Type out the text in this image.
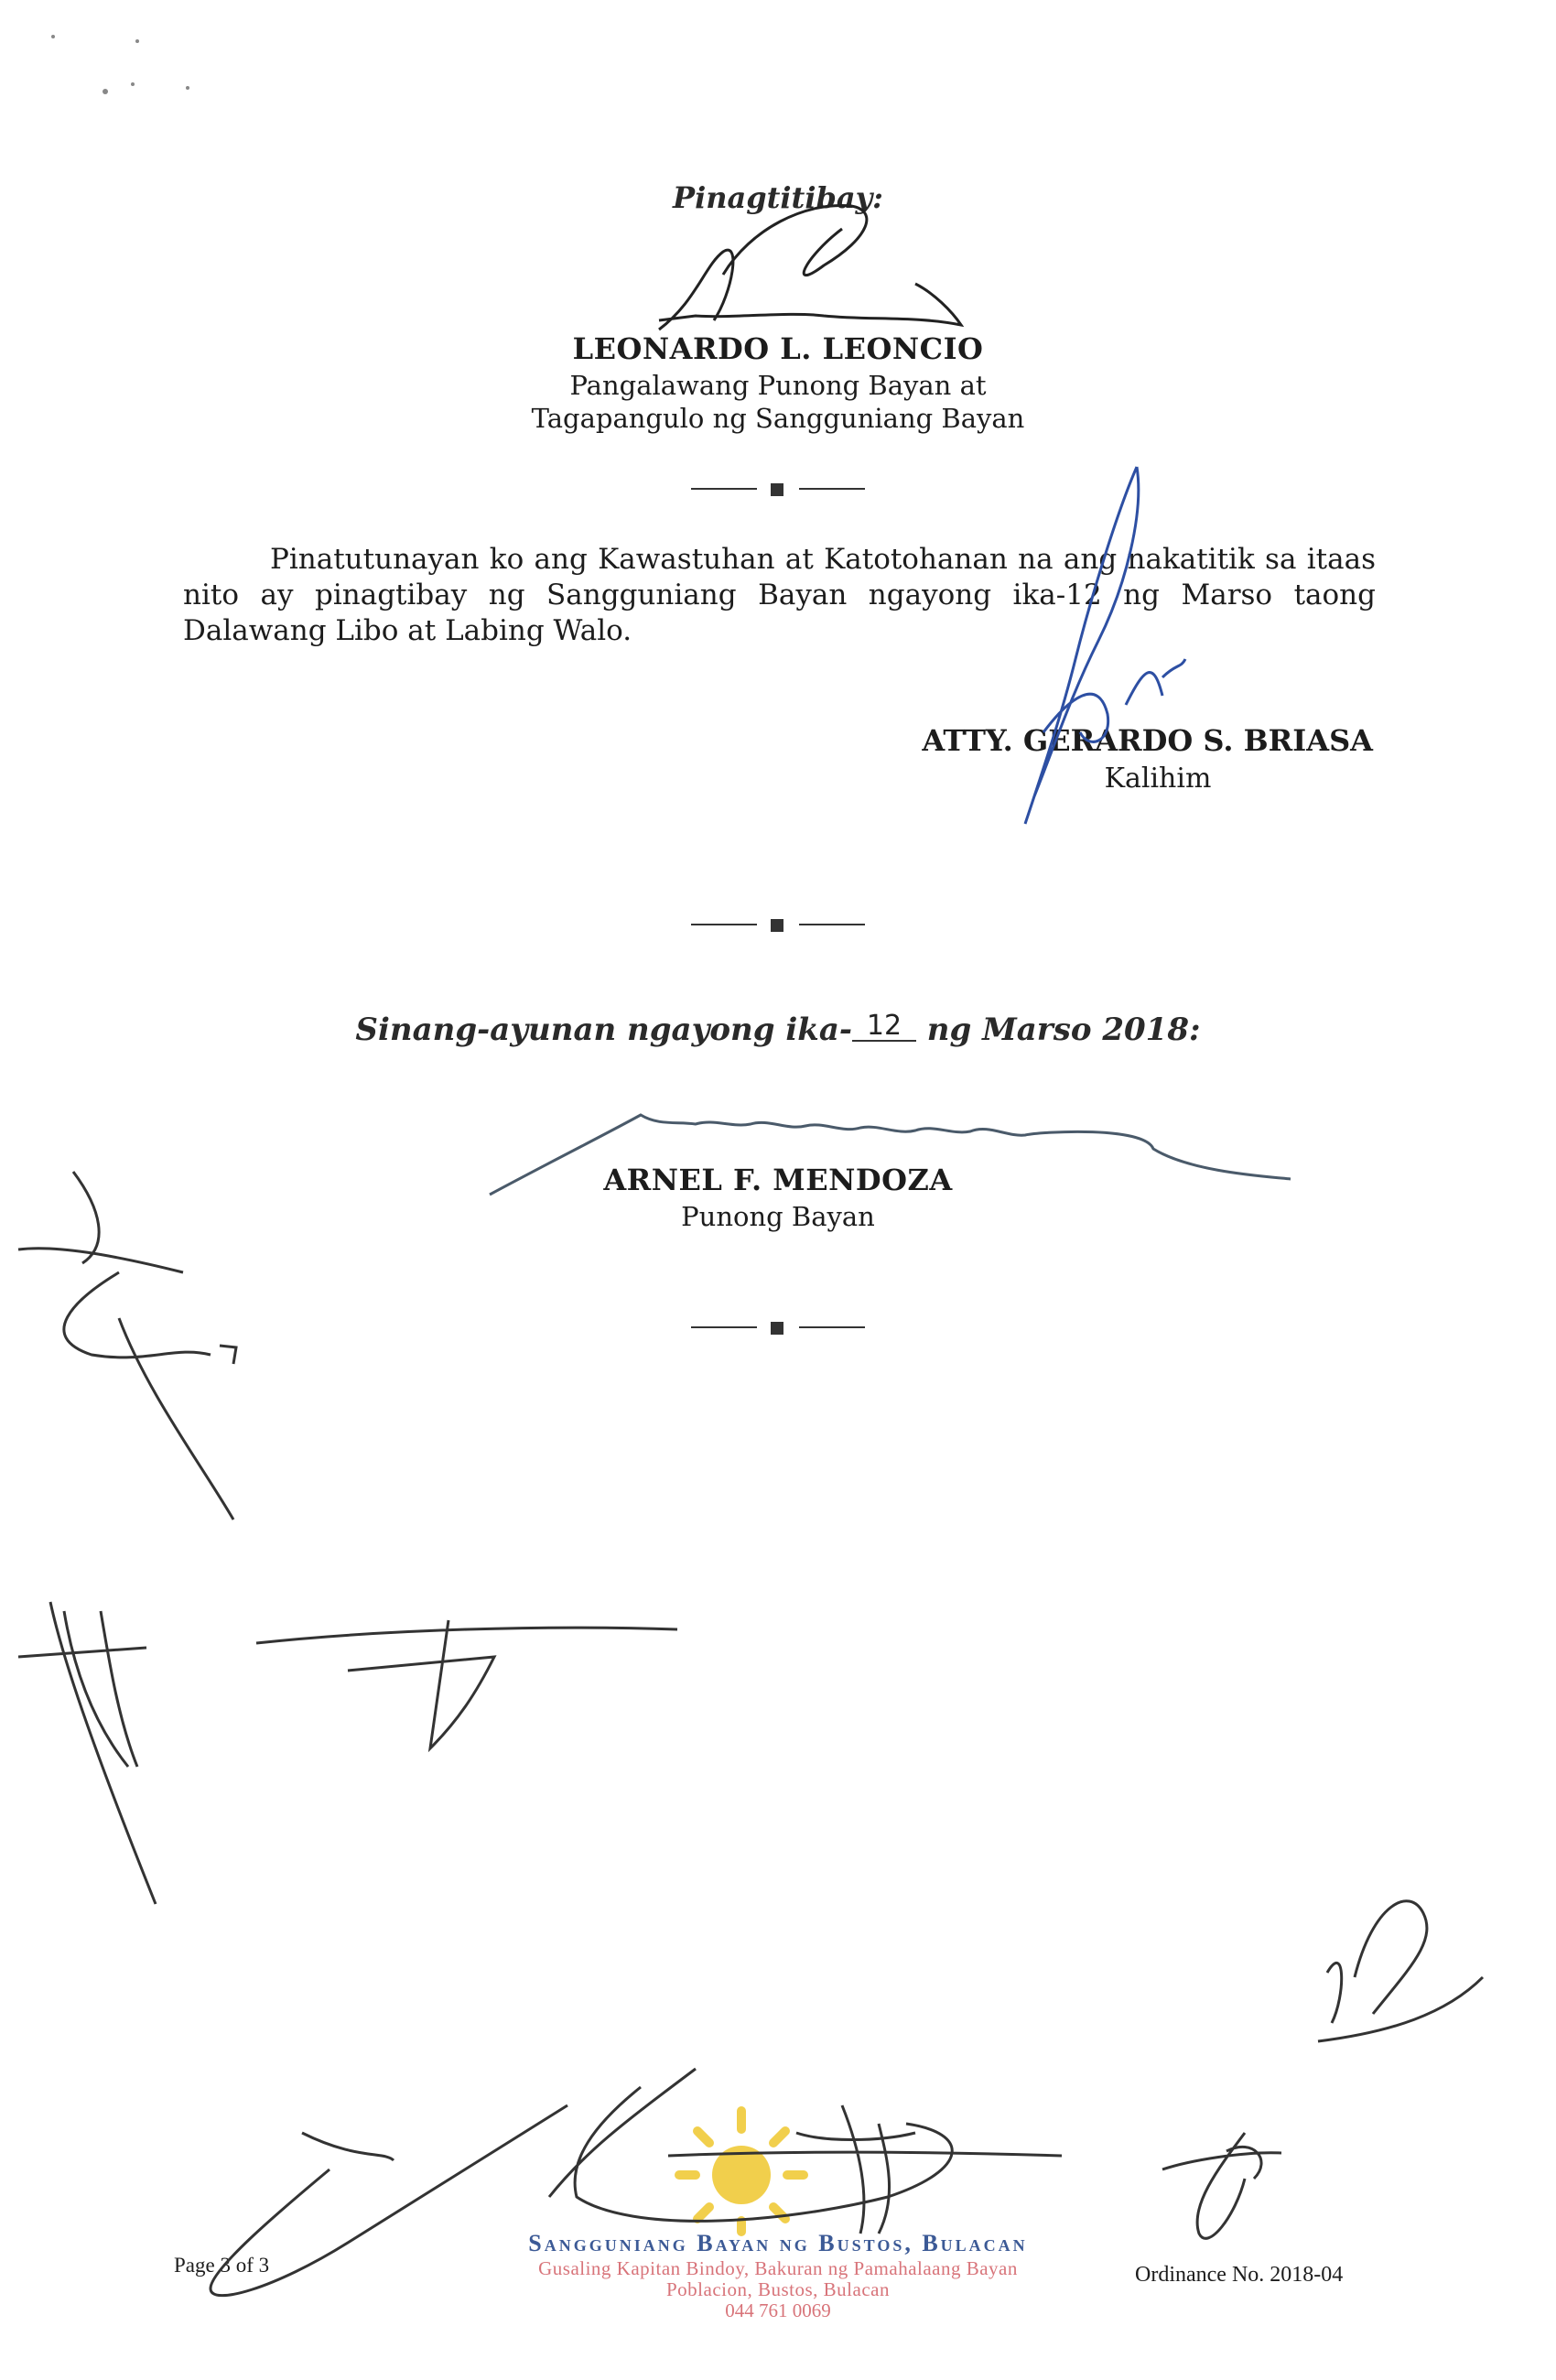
Pinagtitibay:
LEONARDO L. LEONCIO
Pangalawang Punong Bayan at
Tagapangulo ng Sangguniang Bayan
Pinatutunayan ko ang Kawastuhan at Katotohanan na ang nakatitik sa itaas nito ay pinagtibay ng Sangguniang Bayan ngayong ika-12 ng Marso taong Dalawang Libo at Labing Walo.
ATTY. GERARDO S. BRIASA
Kalihim
Sinang-ayunan ngayong ika- 12 ng Marso 2018:
ARNEL F. MENDOZA
Punong Bayan
Page 3 of 3	Ordinance No. 2018-04
Sangguniang Bayan ng Bustos, Bulacan
Gusaling Kapitan Bindoy, Bakuran ng Pamahalaang Bayan
Poblacion, Bustos, Bulacan
044 761 0069
